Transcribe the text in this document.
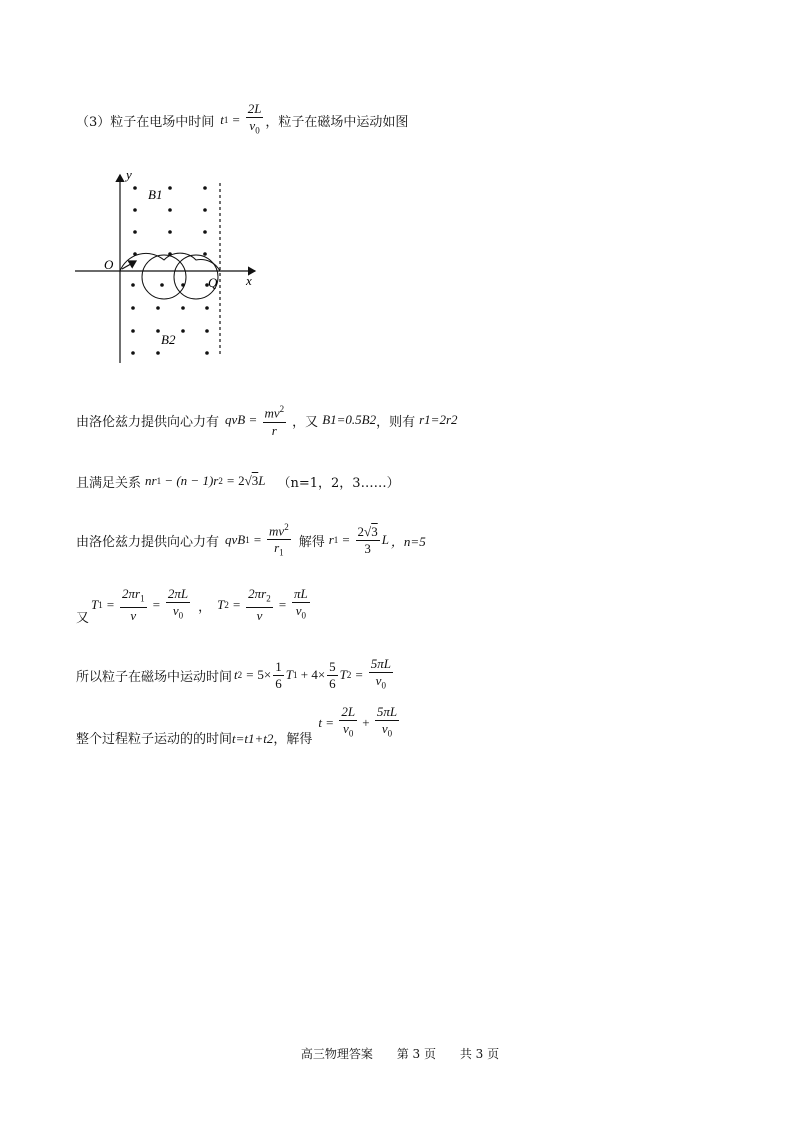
（3）粒子在电场中时间 t $1 = \frac{2L}{v_0}$ ，粒子在磁场中运动如图
y
x
O
Q
B1
B2
由洛伦兹力提供向心力有 qvB = $\frac{mv^2}{r}$ ，又 B1=0.5B2 ，则有 r1=2r2
且满足关系 nr 1 − (n − 1)r 2 = 2 √ 3 L （n=1，2，3……）
由洛伦兹力提供向心力有 qvB $1 = \frac{mv^2}{r_1}$ 解得 r $1 = \frac{2√3}{3}$ L ，n=5
又
T $1 = \frac{2\pi r_1}{v} = \frac{2\pi L}{v_0}$ ， T $2 = \frac{2\pi r_2}{v} = \frac{\pi L}{v_0}$
所以粒子在磁场中运动时间 t $2 = 5\times \frac{1}{6}$ T 1
+ $4\times \frac{5}{6}$ T $2 = \frac{5\pi L}{v_0}$
整个过程粒子运动的的时间 t=t1+t2 ，解得
$t = \frac{2L}{v_0}$
+
$\frac{5\pi L}{v_0}$
高三物理答案 第 3 页 共 3 页
